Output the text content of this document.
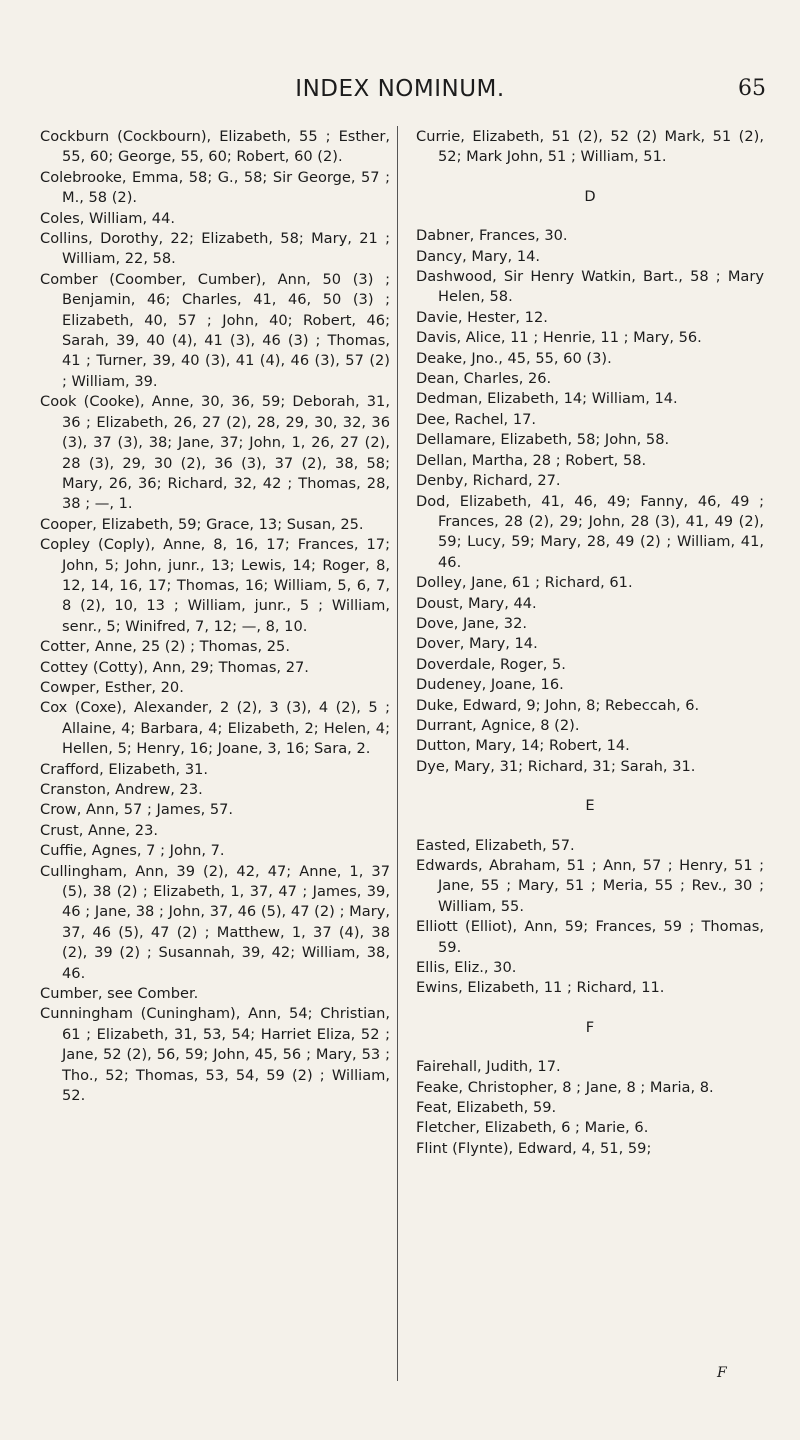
INDEX NOMINUM.	65

Cockburn (Cockbourn), Elizabeth, 55 ; Esther, 55, 60; George, 55, 60; Robert, 60 (2).

Colebrooke, Emma, 58; G., 58; Sir George, 57 ; M., 58 (2).

Coles, William, 44.

Collins, Dorothy, 22; Elizabeth, 58; Mary, 21 ; William, 22, 58.

Comber (Coomber, Cumber), Ann, 50 (3) ; Benjamin, 46; Charles, 41, 46, 50 (3) ; Elizabeth, 40, 57 ; John, 40; Robert, 46; Sarah, 39, 40 (4), 41 (3), 46 (3) ; Thomas, 41 ; Turner, 39, 40 (3), 41 (4), 46 (3), 57 (2) ; William, 39.

Cook (Cooke), Anne, 30, 36, 59; Deborah, 31, 36 ; Elizabeth, 26, 27 (2), 28, 29, 30, 32, 36 (3), 37 (3), 38; Jane, 37; John, 1, 26, 27 (2), 28 (3), 29, 30 (2), 36 (3), 37 (2), 38, 58; Mary, 26, 36; Richard, 32, 42 ; Thomas, 28, 38 ; —, 1.

Cooper, Elizabeth, 59; Grace, 13; Susan, 25.

Copley (Coply), Anne, 8, 16, 17; Frances, 17; John, 5; John, junr., 13; Lewis, 14; Roger, 8, 12, 14, 16, 17; Thomas, 16; William, 5, 6, 7, 8 (2), 10, 13 ; William, junr., 5 ; William, senr., 5; Winifred, 7, 12; —, 8, 10.

Cotter, Anne, 25 (2) ; Thomas, 25.

Cottey (Cotty), Ann, 29; Thomas, 27.

Cowper, Esther, 20.

Cox (Coxe), Alexander, 2 (2), 3 (3), 4 (2), 5 ; Allaine, 4; Barbara, 4; Elizabeth, 2; Helen, 4; Hellen, 5; Henry, 16; Joane, 3, 16; Sara, 2.

Crafford, Elizabeth, 31.

Cranston, Andrew, 23.

Crow, Ann, 57 ; James, 57.

Crust, Anne, 23.

Cuffie, Agnes, 7 ; John, 7.

Cullingham, Ann, 39 (2), 42, 47; Anne, 1, 37 (5), 38 (2) ; Elizabeth, 1, 37, 47 ; James, 39, 46 ; Jane, 38 ; John, 37, 46 (5), 47 (2) ; Mary, 37, 46 (5), 47 (2) ; Matthew, 1, 37 (4), 38 (2), 39 (2) ; Susannah, 39, 42; William, 38, 46.

Cumber, see Comber.

Cunningham (Cuningham), Ann, 54; Christian, 61 ; Elizabeth, 31, 53, 54; Harriet Eliza, 52 ; Jane, 52 (2), 56, 59; John, 45, 56 ; Mary, 53 ; Tho., 52; Thomas, 53, 54, 59 (2) ; William, 52.

Currie, Elizabeth, 51 (2), 52 (2) Mark, 51 (2), 52; Mark John, 51 ; William, 51.

D

Dabner, Frances, 30.

Dancy, Mary, 14.

Dashwood, Sir Henry Watkin, Bart., 58 ; Mary Helen, 58.

Davie, Hester, 12.

Davis, Alice, 11 ; Henrie, 11 ; Mary, 56.

Deake, Jno., 45, 55, 60 (3).

Dean, Charles, 26.

Dedman, Elizabeth, 14; William, 14.

Dee, Rachel, 17.

Dellamare, Elizabeth, 58; John, 58.

Dellan, Martha, 28 ; Robert, 58.

Denby, Richard, 27.

Dod, Elizabeth, 41, 46, 49; Fanny, 46, 49 ; Frances, 28 (2), 29; John, 28 (3), 41, 49 (2), 59; Lucy, 59; Mary, 28, 49 (2) ; William, 41, 46.

Dolley, Jane, 61 ; Richard, 61.

Doust, Mary, 44.

Dove, Jane, 32.

Dover, Mary, 14.

Doverdale, Roger, 5.

Dudeney, Joane, 16.

Duke, Edward, 9; John, 8; Rebeccah, 6.

Durrant, Agnice, 8 (2).

Dutton, Mary, 14; Robert, 14.

Dye, Mary, 31; Richard, 31; Sarah, 31.

E

Easted, Elizabeth, 57.

Edwards, Abraham, 51 ; Ann, 57 ; Henry, 51 ; Jane, 55 ; Mary, 51 ; Meria, 55 ; Rev., 30 ; William, 55.

Elliott (Elliot), Ann, 59; Frances, 59 ; Thomas, 59.

Ellis, Eliz., 30.

Ewins, Elizabeth, 11 ; Richard, 11.

F

Fairehall, Judith, 17.

Feake, Christopher, 8 ; Jane, 8 ; Maria, 8.

Feat, Elizabeth, 59.

Fletcher, Elizabeth, 6 ; Marie, 6.

Flint (Flynte), Edward, 4, 51, 59;

F
